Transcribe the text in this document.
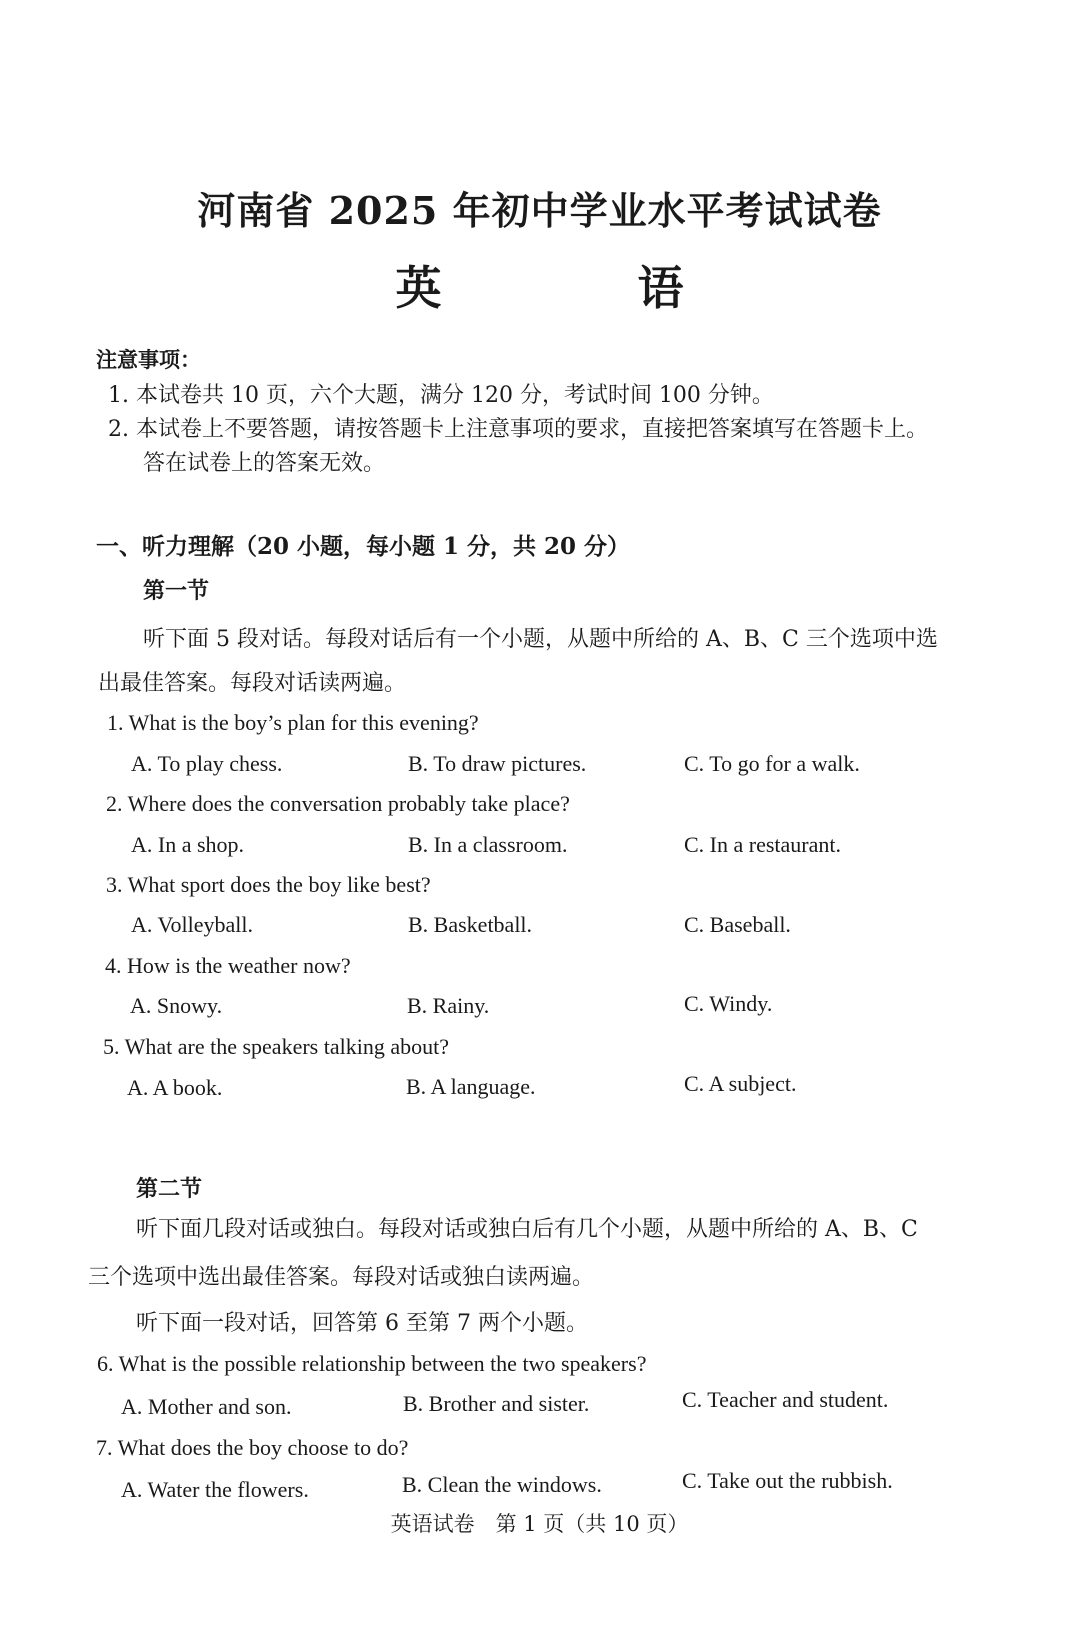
河南省 2025 年初中学业水平考试试卷
英 语
注意事项：
1. 本试卷共 10 页，六个大题，满分 120 分，考试时间 100 分钟。
2. 本试卷上不要答题，请按答题卡上注意事项的要求，直接把答案填写在答题卡上。
答在试卷上的答案无效。
一、听力理解（20 小题，每小题 1 分，共 20 分）
第一节
听下面 5 段对话。每段对话后有一个小题，从题中所给的 A、B、C 三个选项中选
出最佳答案。每段对话读两遍。
1. What is the boy’s plan for this evening?
A. To play chess.	B. To draw pictures.	C. To go for a walk.
2. Where does the conversation probably take place?
A. In a shop.	B. In a classroom.	C. In a restaurant.
3. What sport does the boy like best?
A. Volleyball.	B. Basketball.	C. Baseball.
4. How is the weather now?
A. Snowy.	B. Rainy.	C. Windy.
5. What are the speakers talking about?
A. A book.	B. A language.	C. A subject.
第二节
听下面几段对话或独白。每段对话或独白后有几个小题，从题中所给的 A、B、C
三个选项中选出最佳答案。每段对话或独白读两遍。
听下面一段对话，回答第 6 至第 7 两个小题。
6. What is the possible relationship between the two speakers?
A. Mother and son.	B. Brother and sister.	C. Teacher and student.
7. What does the boy choose to do?
A. Water the flowers.	B. Clean the windows.	C. Take out the rubbish.
英语试卷　第 1 页（共 10 页）
